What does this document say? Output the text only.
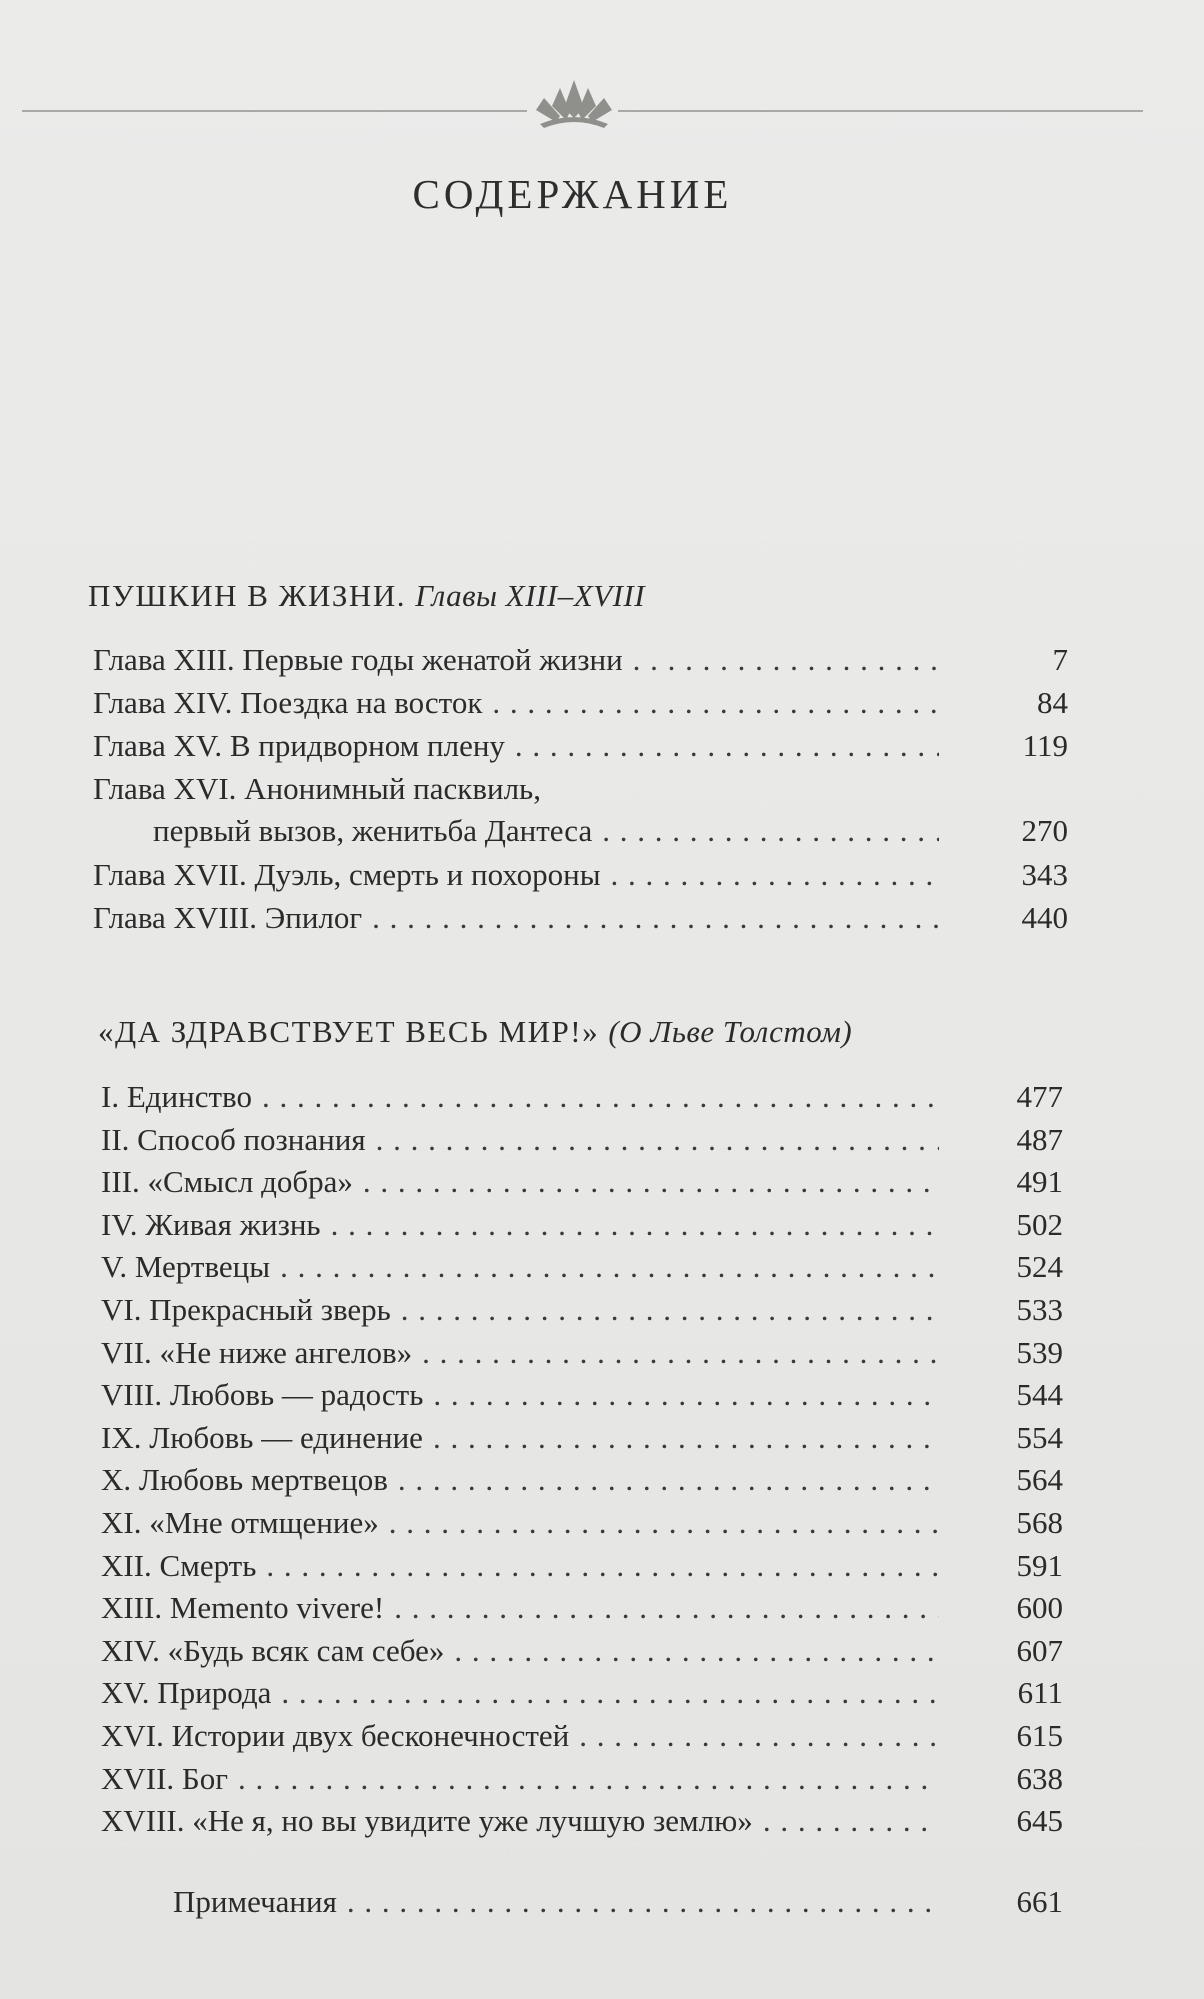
СОДЕРЖАНИЕ
ПУШКИН В ЖИЗНИ. Главы XIII–XVIII
«ДА ЗДРАВСТВУЕТ ВЕСЬ МИР!» (О Льве Толстом)
Глава XIII. Первые годы женатой жизни . . .	7
Глава XIV. Поездка на восток . . .	84
Глава XV. В придворном плену . . .	119
Глава XVI. Анонимный пасквиль,
первый вызов, женитьба Дантеса . . .	270
Глава XVII. Дуэль, смерть и похороны . . .	343
Глава XVIII. Эпилог . . .	440
I. Единство . . .	477
II. Способ познания . . .	487
III. «Смысл добра» . . .	491
IV. Живая жизнь . . .	502
V. Мертвецы . . .	524
VI. Прекрасный зверь . . .	533
VII. «Не ниже ангелов» . . .	539
VIII. Любовь — радость . . .	544
IX. Любовь — единение . . .	554
X. Любовь мертвецов . . .	564
XI. «Мне отмщение» . . .	568
XII. Смерть . . .	591
XIII. Memento vivere! . . .	600
XIV. «Будь всяк сам себе» . . .	607
XV. Природа . . .	611
XVI. Истории двух бесконечностей . . .	615
XVII. Бог . . .	638
XVIII. «Не я, но вы увидите уже лучшую землю» . . .	645
Примечания . . .	661
